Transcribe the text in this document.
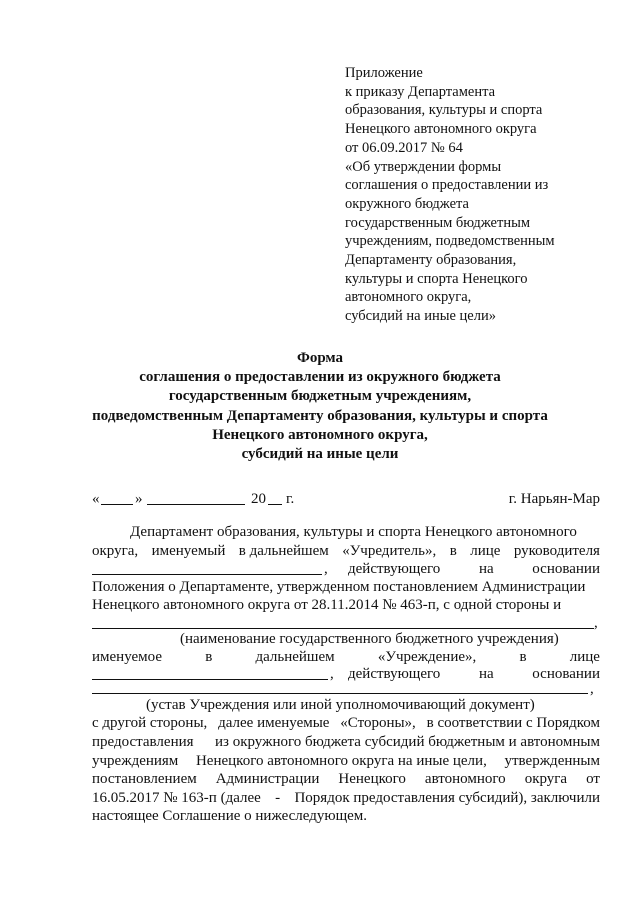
Приложение
к приказу Департамента
образования, культуры и спорта
Ненецкого автономного округа
от 06.09.2017 № 64
«Об утверждении формы
соглашения о предоставлении из
окружного бюджета
государственным бюджетным
учреждениям, подведомственным
Департаменту образования,
культуры и спорта Ненецкого
автономного округа,
субсидий на иные цели»
Форма
соглашения о предоставлении из окружного бюджета
государственным бюджетным учреждениям,
подведомственным Департаменту образования, культуры и спорта
Ненецкого автономного округа,
субсидий на иные цели
« »	20 г.	г. Нарьян-Мар
Департамент образования, культуры и спорта Ненецкого автономного
округа, именуемый в дальнейшем «Учредитель», в лице руководителя
, действующего	на	основании
Положения о Департаменте, утвержденном постановлением Администрации
Ненецкого автономного округа от 28.11.2014 № 463-п, с одной стороны и
,
(наименование государственного бюджетного учреждения)
именуемое	в	дальнейшем	«Учреждение»,	в	лице
, действующего	на	основании
,
(устав Учреждения или иной уполномочивающий документ)
с другой стороны, далее именуемые «Стороны», в соответствии с Порядком
предоставления из окружного бюджета субсидий бюджетным и автономным
учреждениям Ненецкого автономного округа на иные цели, утвержденным
постановлением Администрации Ненецкого автономного округа от
16.05.2017 № 163-п (далее - Порядок предоставления субсидий), заключили
настоящее Соглашение о нижеследующем.
